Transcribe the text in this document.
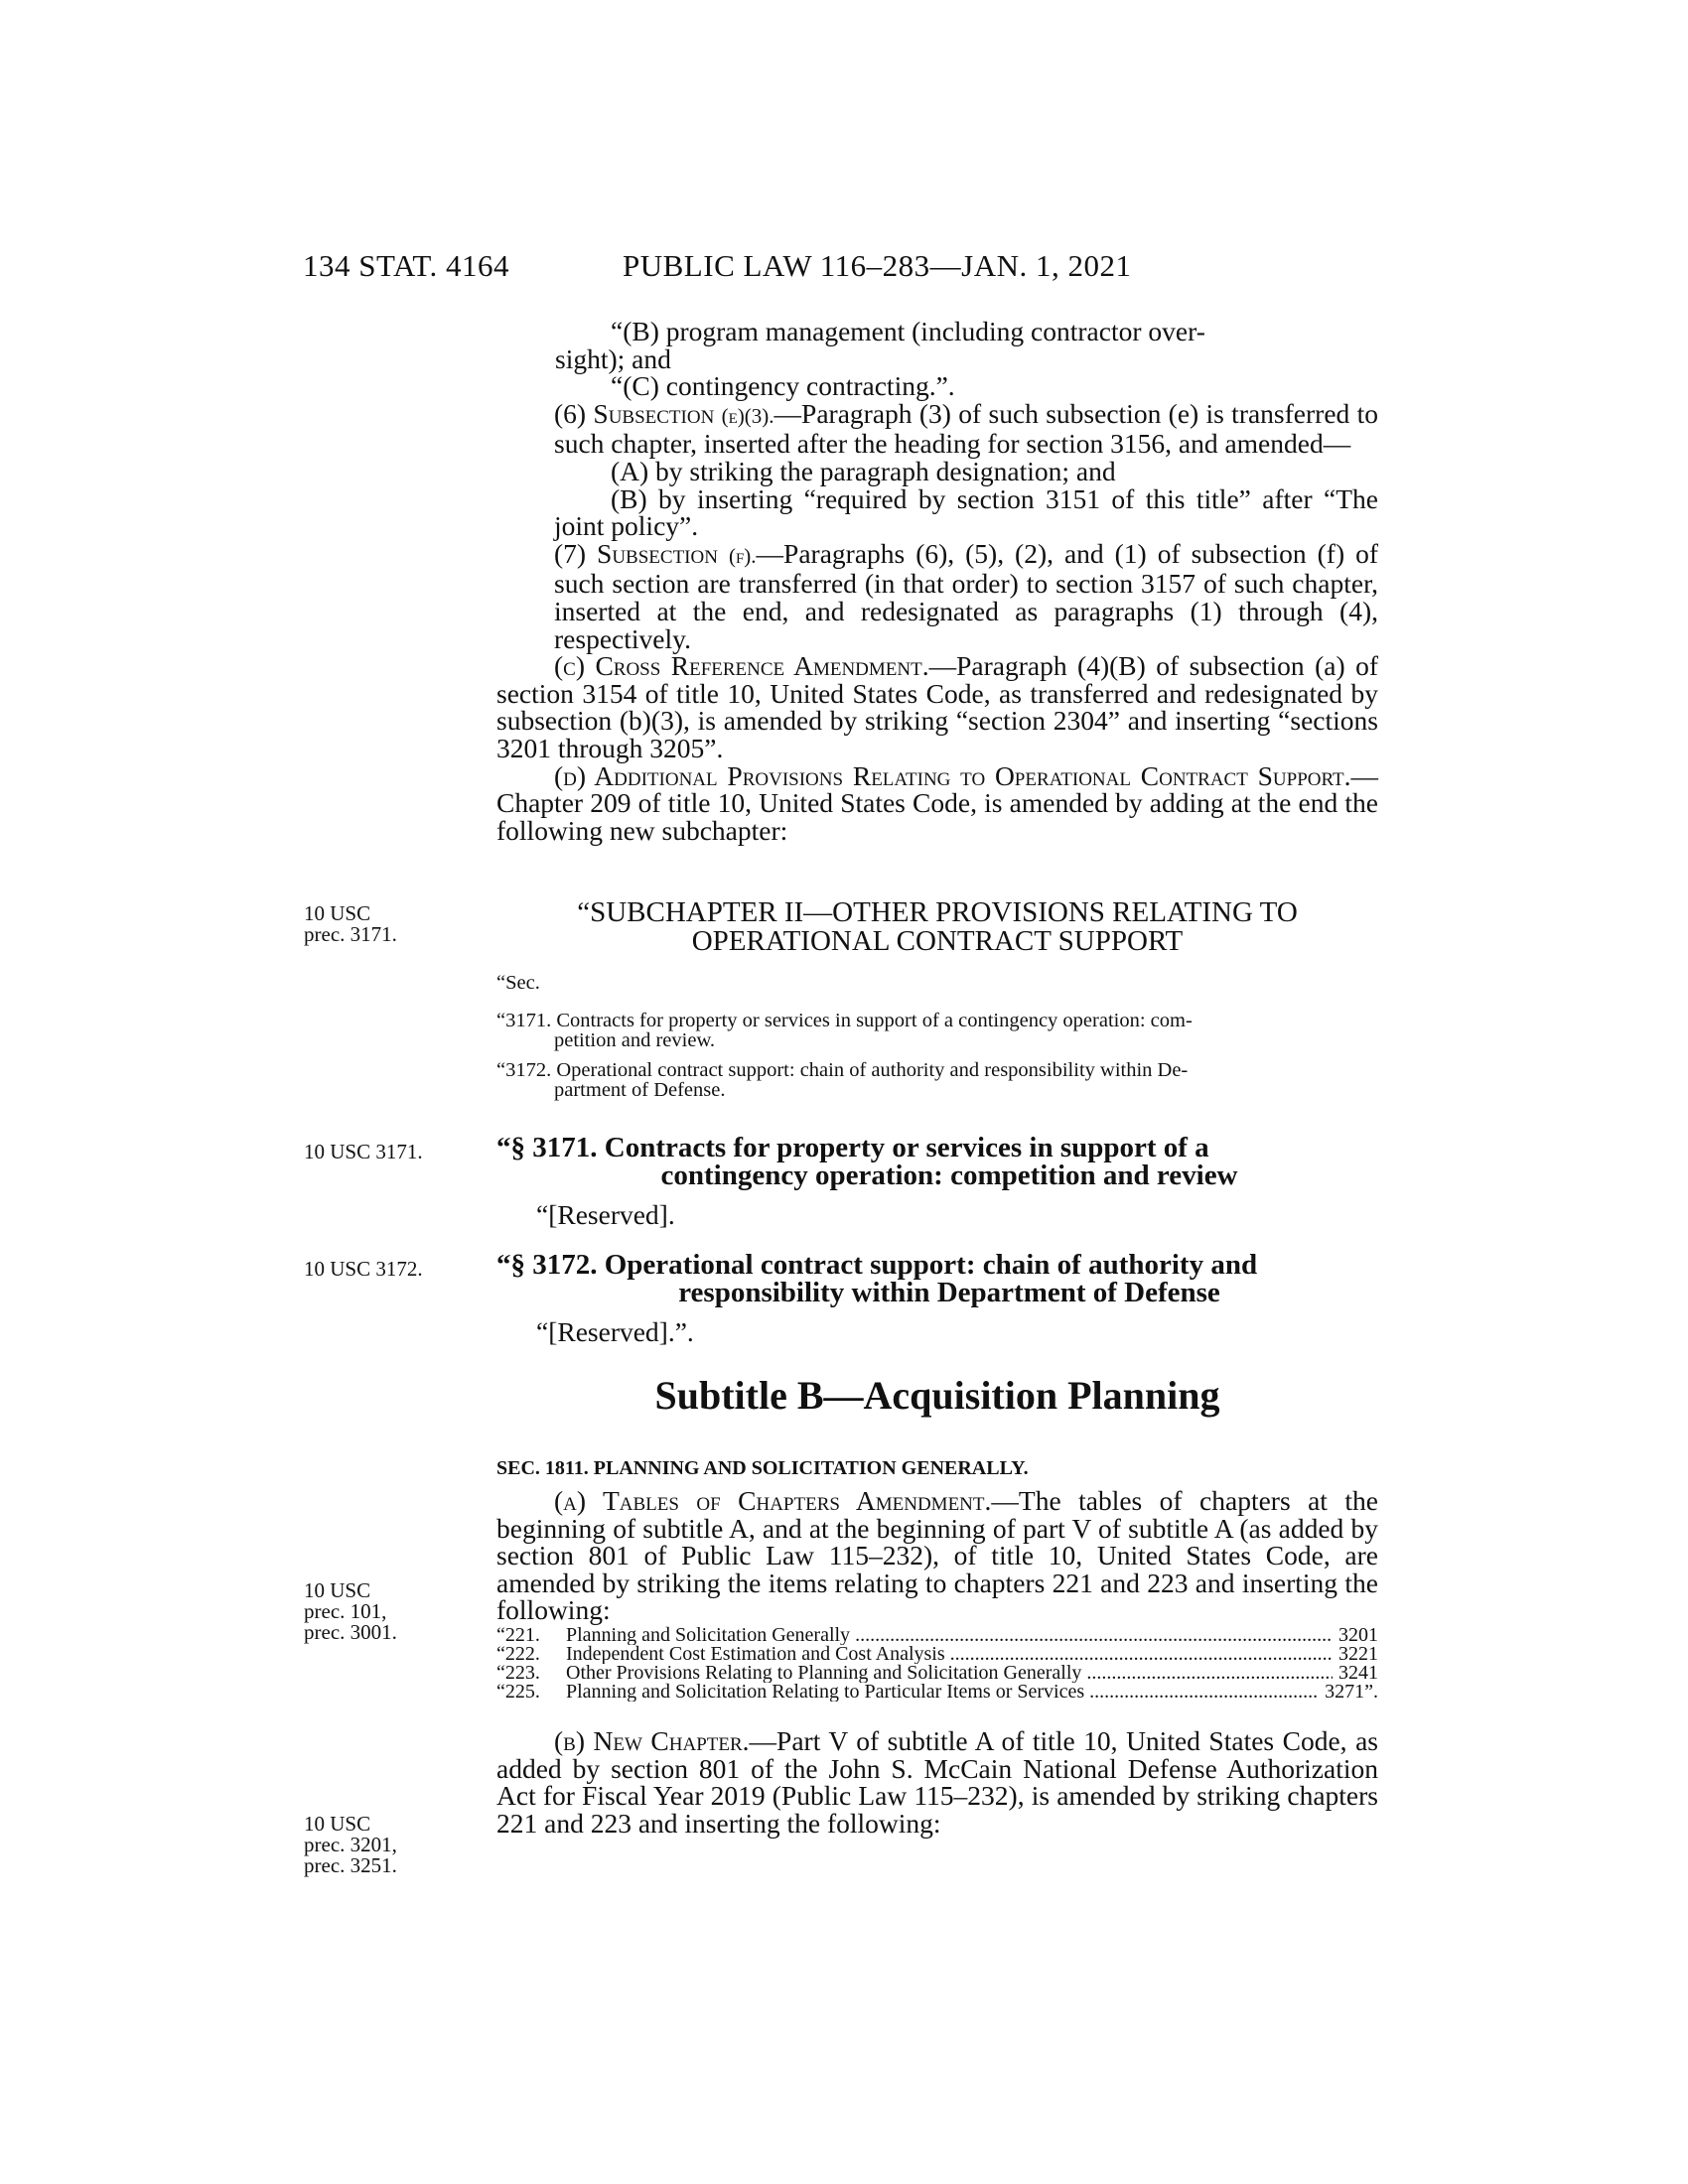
134 STAT. 4164	PUBLIC LAW 116–283—JAN. 1, 2021

“(B) program management (including contractor over-

sight); and

“(C) contingency contracting.”.

(6) Subsection (e)(3).—Paragraph (3) of such subsection (e) is transferred to such chapter, inserted after the heading for section 3156, and amended—

(A) by striking the paragraph designation; and

(B) by inserting “required by section 3151 of this title” after “The joint policy”.

(7) Subsection (f).—Paragraphs (6), (5), (2), and (1) of subsection (f) of such section are transferred (in that order) to section 3157 of such chapter, inserted at the end, and redesignated as paragraphs (1) through (4), respectively.

(c) Cross Reference Amendment.—Paragraph (4)(B) of subsection (a) of section 3154 of title 10, United States Code, as transferred and redesignated by subsection (b)(3), is amended by striking “section 2304” and inserting “sections 3201 through 3205”.

(d) Additional Provisions Relating to Operational Contract Support.—Chapter 209 of title 10, United States Code, is amended by adding at the end the following new subchapter:

10 USC
prec. 3171.

“SUBCHAPTER II—OTHER PROVISIONS RELATING TO

OPERATIONAL CONTRACT SUPPORT

“Sec.

“3171. Contracts for property or services in support of a contingency operation: com-
petition and review.

“3172. Operational contract support: chain of authority and responsibility within De-
partment of Defense.

10 USC 3171.	“§ 3171. Contracts for property or services in support of a
contingency operation: competition and review

“[Reserved].

10 USC 3172.	“§ 3172. Operational contract support: chain of authority and
responsibility within Department of Defense

“[Reserved].”.

Subtitle B—Acquisition Planning

SEC. 1811. PLANNING AND SOLICITATION GENERALLY.

(a) Tables of Chapters Amendment.—The tables of chapters at the beginning of subtitle A, and at the beginning of part V of subtitle A (as added by section 801 of Public Law 115–232), of title 10, United States Code, are amended by striking the items relating to chapters 221 and 223 and inserting the following:

“221.	Planning and Solicitation Generally .....	3201
“222.	Independent Cost Estimation and Cost Analysis .....	3221
“223.	Other Provisions Relating to Planning and Solicitation Generally .....	3241
“225.	Planning and Solicitation Relating to Particular Items or Services .....	3271”.
10 USC
prec. 101,
prec. 3001.

(b) New Chapter.—Part V of subtitle A of title 10, United States Code, as added by section 801 of the John S. McCain National Defense Authorization Act for Fiscal Year 2019 (Public Law 115–232), is amended by striking chapters 221 and 223 and inserting the following:

10 USC
prec. 3201,
prec. 3251.
